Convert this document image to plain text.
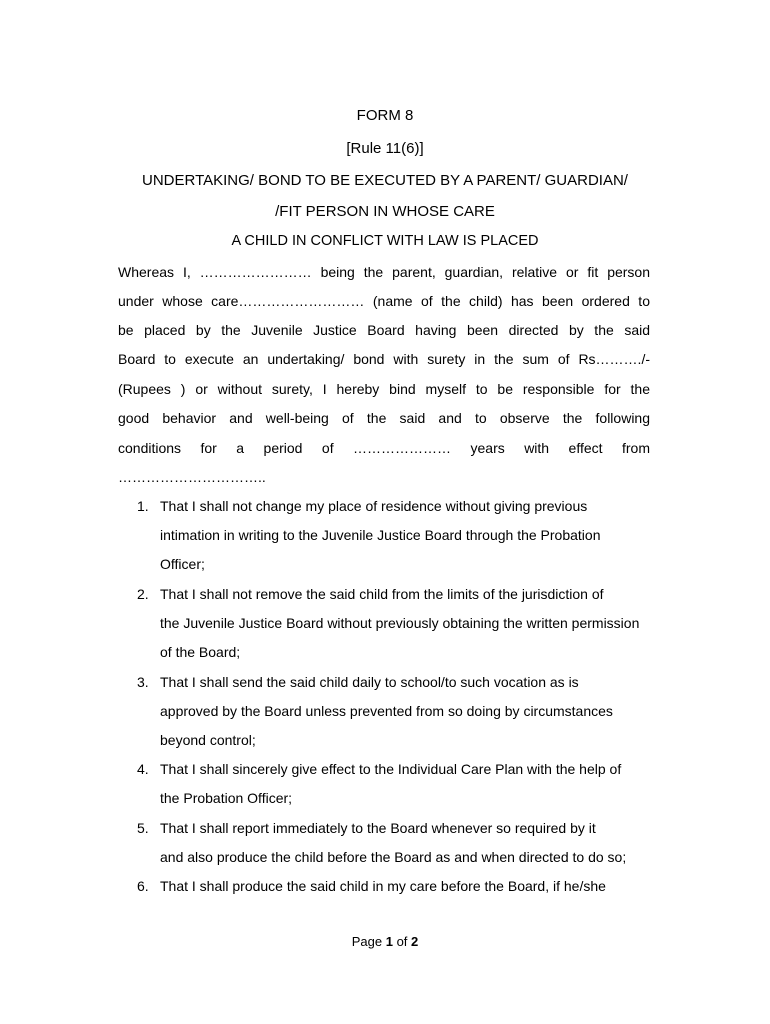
FORM 8
[Rule 11(6)]
UNDERTAKING/ BOND TO BE EXECUTED BY A PARENT/ GUARDIAN/
/FIT PERSON IN WHOSE CARE
A CHILD IN CONFLICT WITH LAW IS PLACED
Whereas I, …………………… being the parent, guardian, relative or fit person
under whose care……………………… (name of the child) has been ordered to
be placed by the Juvenile Justice Board having been directed by the said
Board to execute an undertaking/ bond with surety in the sum of Rs………./-
(Rupees ) or without surety, I hereby bind myself to be responsible for the
good behavior and well-being of the said and to observe the following
conditions for a period of ………………… years with effect from
…………………………..
1. That I shall not change my place of residence without giving previous
intimation in writing to the Juvenile Justice Board through the Probation
Officer;
2. That I shall not remove the said child from the limits of the jurisdiction of
the Juvenile Justice Board without previously obtaining the written permission
of the Board;
3. That I shall send the said child daily to school/to such vocation as is
approved by the Board unless prevented from so doing by circumstances
beyond control;
4. That I shall sincerely give effect to the Individual Care Plan with the help of
the Probation Officer;
5. That I shall report immediately to the Board whenever so required by it
and also produce the child before the Board as and when directed to do so;
6. That I shall produce the said child in my care before the Board, if he/she
Page 1 of 2
